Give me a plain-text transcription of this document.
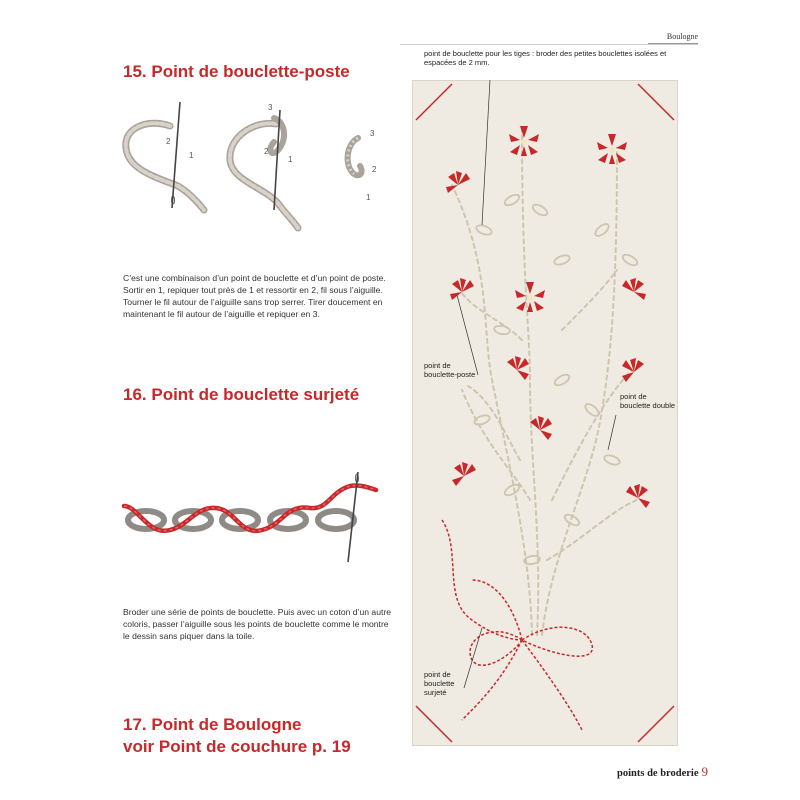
Boulogne
15. Point de bouclette-poste
2
1
3
2
1
3
2
1

C’est une combinaison d’un point de bouclette et d’un point de poste. Sortir en 1, repiquer tout près de 1 et ressortir en 2, fil sous l’aiguille. Tourner le fil autour de l’aiguille sans trop serrer. Tirer doucement en maintenant le fil autour de l’aiguille et repiquer en 3.

16. Point de bouclette surjeté

Broder une série de points de bouclette. Puis avec un coton d’un autre coloris, passer l’aiguille sous les points de bouclette comme le montre le dessin sans piquer dans la toile.

17. Point de Boulogne
voir Point de couchure p. 19
point de bouclette pour les tiges : broder des petites bouclettes isolées et espacées de 2 mm.
point de bouclette-poste
point de bouclette double
point de bouclette surjeté
points de broderie 9
